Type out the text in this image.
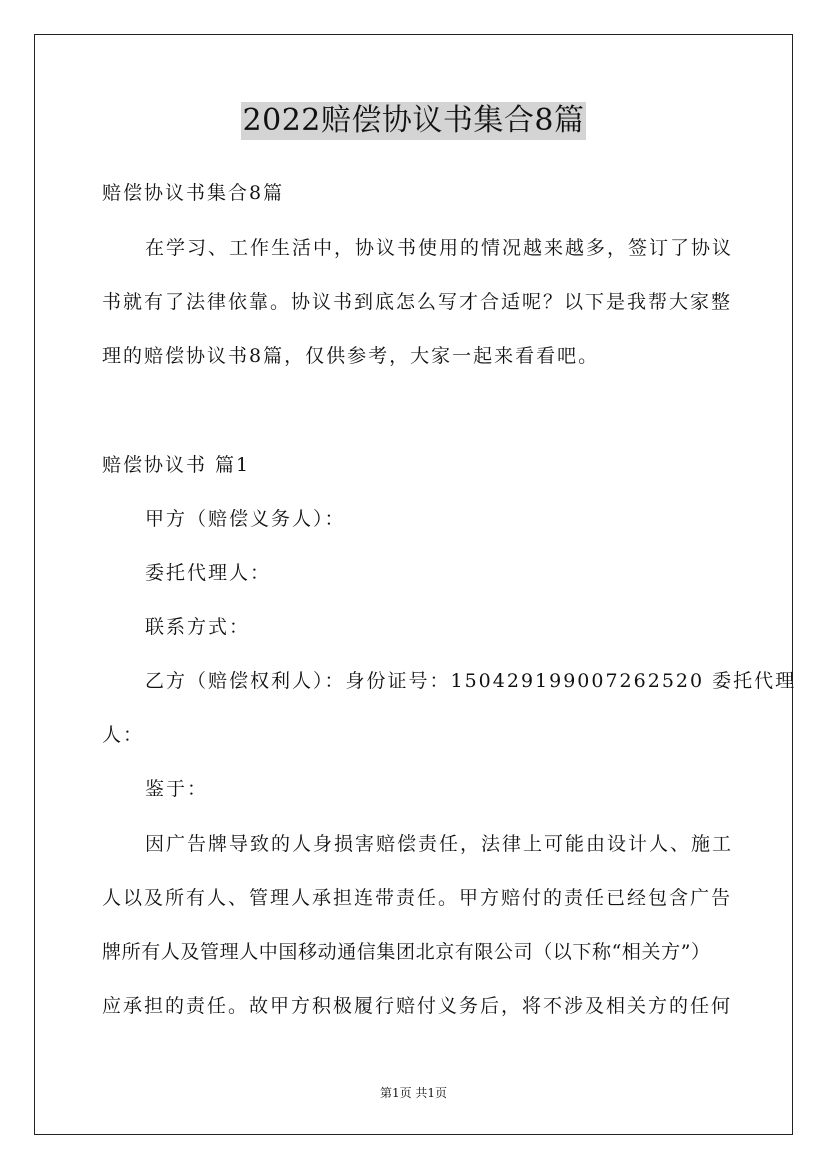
2022赔偿协议书集合8篇
赔偿协议书集合8篇
在学习、工作生活中，协议书使用的情况越来越多，签订了协议
书就有了法律依靠。协议书到底怎么写才合适呢？以下是我帮大家整
理的赔偿协议书8篇，仅供参考，大家一起来看看吧。
赔偿协议书 篇1
甲方（赔偿义务人）：
委托代理人：
联系方式：
乙方（赔偿权利人）：身份证号：150429199007262520 委托代理
人：
鉴于：
因广告牌导致的人身损害赔偿责任，法律上可能由设计人、施工
人以及所有人、管理人承担连带责任。甲方赔付的责任已经包含广告
牌所有人及管理人中国移动通信集团北京有限公司（以下称“相关方”）
应承担的责任。故甲方积极履行赔付义务后，将不涉及相关方的任何
第1页 共1页
